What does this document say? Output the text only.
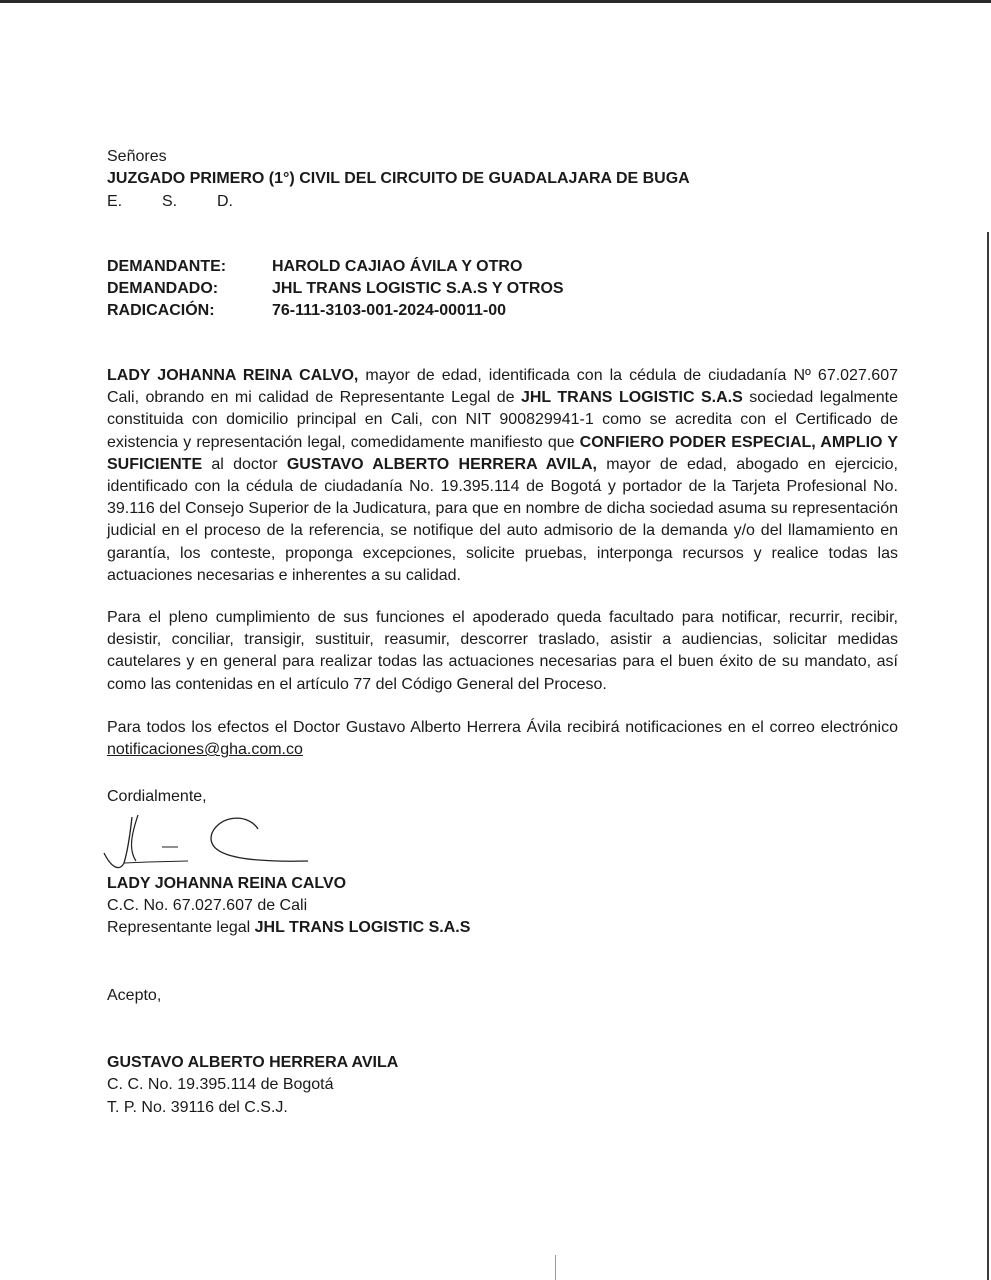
Señores
JUZGADO PRIMERO (1°) CIVIL DEL CIRCUITO DE GUADALAJARA DE BUGA
E.	S.	D.
DEMANDANTE:	HAROLD CAJIAO ÁVILA Y OTRO
DEMANDADO:	JHL TRANS LOGISTIC S.A.S Y OTROS
RADICACIÓN:	76-111-3103-001-2024-00011-00
LADY JOHANNA REINA CALVO, mayor de edad, identificada con la cédula de ciudadanía Nº 67.027.607 Cali, obrando en mi calidad de Representante Legal de JHL TRANS LOGISTIC S.A.S sociedad legalmente constituida con domicilio principal en Cali, con NIT 900829941-1 como se acredita con el Certificado de existencia y representación legal, comedidamente manifiesto que CONFIERO PODER ESPECIAL, AMPLIO Y SUFICIENTE al doctor GUSTAVO ALBERTO HERRERA AVILA, mayor de edad, abogado en ejercicio, identificado con la cédula de ciudadanía No. 19.395.114 de Bogotá y portador de la Tarjeta Profesional No. 39.116 del Consejo Superior de la Judicatura, para que en nombre de dicha sociedad asuma su representación judicial en el proceso de la referencia, se notifique del auto admisorio de la demanda y/o del llamamiento en garantía, los conteste, proponga excepciones, solicite pruebas, interponga recursos y realice todas las actuaciones necesarias e inherentes a su calidad.
Para el pleno cumplimiento de sus funciones el apoderado queda facultado para notificar, recurrir, recibir, desistir, conciliar, transigir, sustituir, reasumir, descorrer traslado, asistir a audiencias, solicitar medidas cautelares y en general para realizar todas las actuaciones necesarias para el buen éxito de su mandato, así como las contenidas en el artículo 77 del Código General del Proceso.
Para todos los efectos el Doctor Gustavo Alberto Herrera Ávila recibirá notificaciones en el correo electrónico notificaciones@gha.com.co
Cordialmente,
LADY JOHANNA REINA CALVO
C.C. No. 67.027.607 de Cali
Representante legal JHL TRANS LOGISTIC S.A.S
Acepto,
GUSTAVO ALBERTO HERRERA AVILA
C. C. No. 19.395.114 de Bogotá
T. P. No. 39116 del C.S.J.
